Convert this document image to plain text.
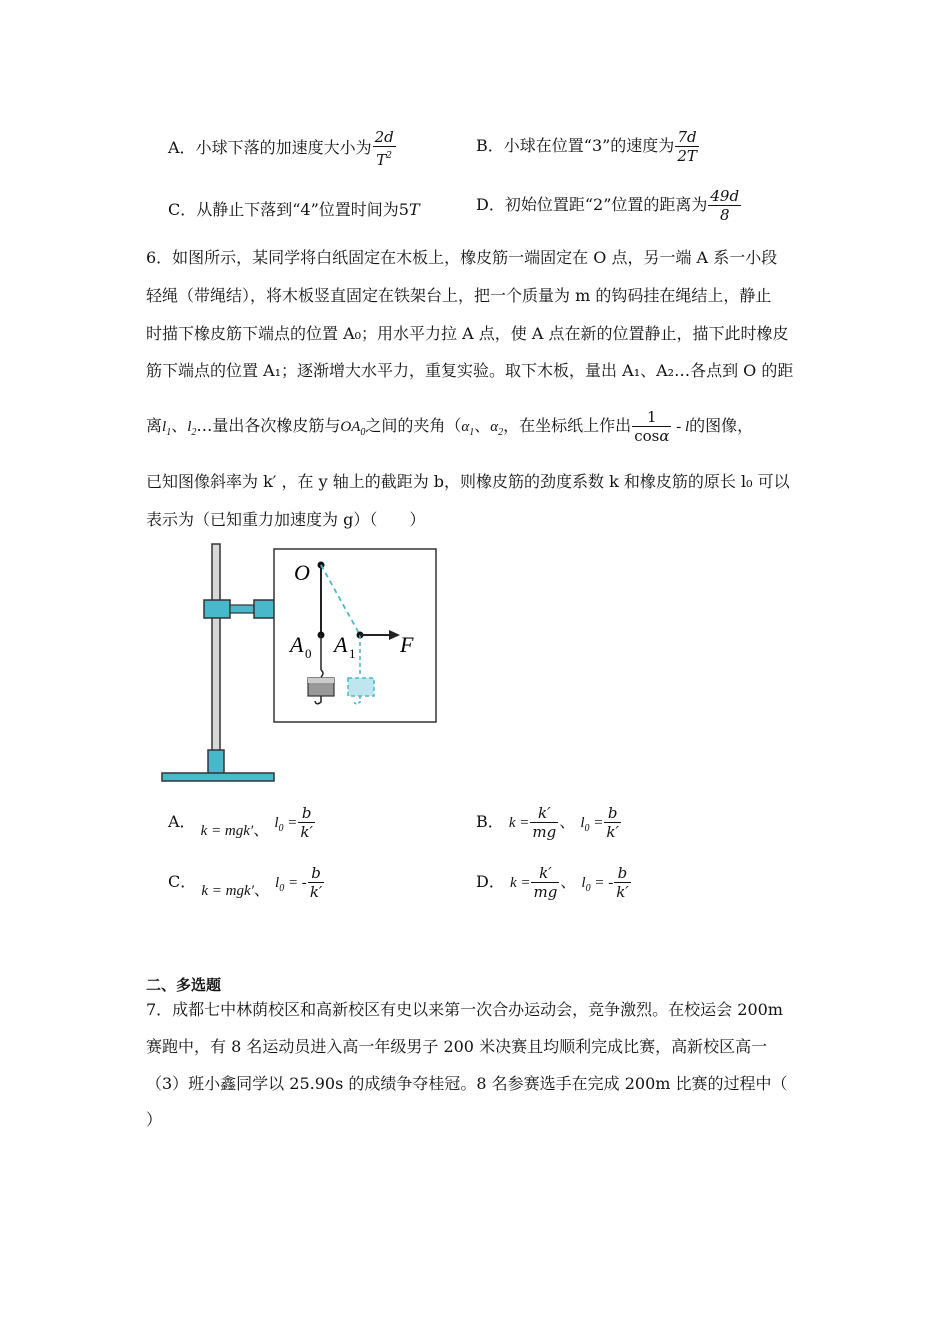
A．小球下落的加速度大小为 $\frac{2d}{T^2}$	B．小球在位置“3”的速度为 $\frac{7d}{2T}$
C．从静止下落到“4”位置时间为5T	D．初始位置距“2”位置的距离为 $\frac{49d}{8}$
6．如图所示，某同学将白纸固定在木板上，橡皮筋一端固定在 O 点，另一端 A 系一小段
轻绳（带绳结），将木板竖直固定在铁架台上，把一个质量为 m 的钩码挂在绳结上，静止
时描下橡皮筋下端点的位置 A₀；用水平力拉 A 点，使 A 点在新的位置静止，描下此时橡皮
筋下端点的位置 A₁；逐渐增大水平力，重复实验。取下木板，量出 A₁、A₂…各点到 O 的距
离$l_1$、$l_2\dots$量出各次橡皮筋与$OA_0$之间的夹角（$\alpha_1$、$\alpha_2$，在坐标纸上作出 $\frac{1}{\cos\alpha}$ - l的图像，
已知图像斜率为 k′ ，在 y 轴上的截距为 b，则橡皮筋的劲度系数 k 和橡皮筋的原长 l₀ 可以
表示为（已知重力加速度为 g）（　　）
O
A 0 A 1 F
A． k = mgk′、 $l_0 = \frac{b}{k'}$	B． $k = \frac{k'}{mg}$ 、 $l_0 = \frac{b}{k'}$
C． k = mgk′、 $l_0$ = - $\frac{b}{k'}$	D． $k = \frac{k'}{mg}$ 、 $l_0$ = - $\frac{b}{k'}$
二、多选题
7．成都七中林荫校区和高新校区有史以来第一次合办运动会，竞争激烈。在校运会 200m
赛跑中，有 8 名运动员进入高一年级男子 200 米决赛且均顺利完成比赛，高新校区高一
（3）班小鑫同学以 25.90s 的成绩争夺桂冠。8 名参赛选手在完成 200m 比赛的过程中（
）
